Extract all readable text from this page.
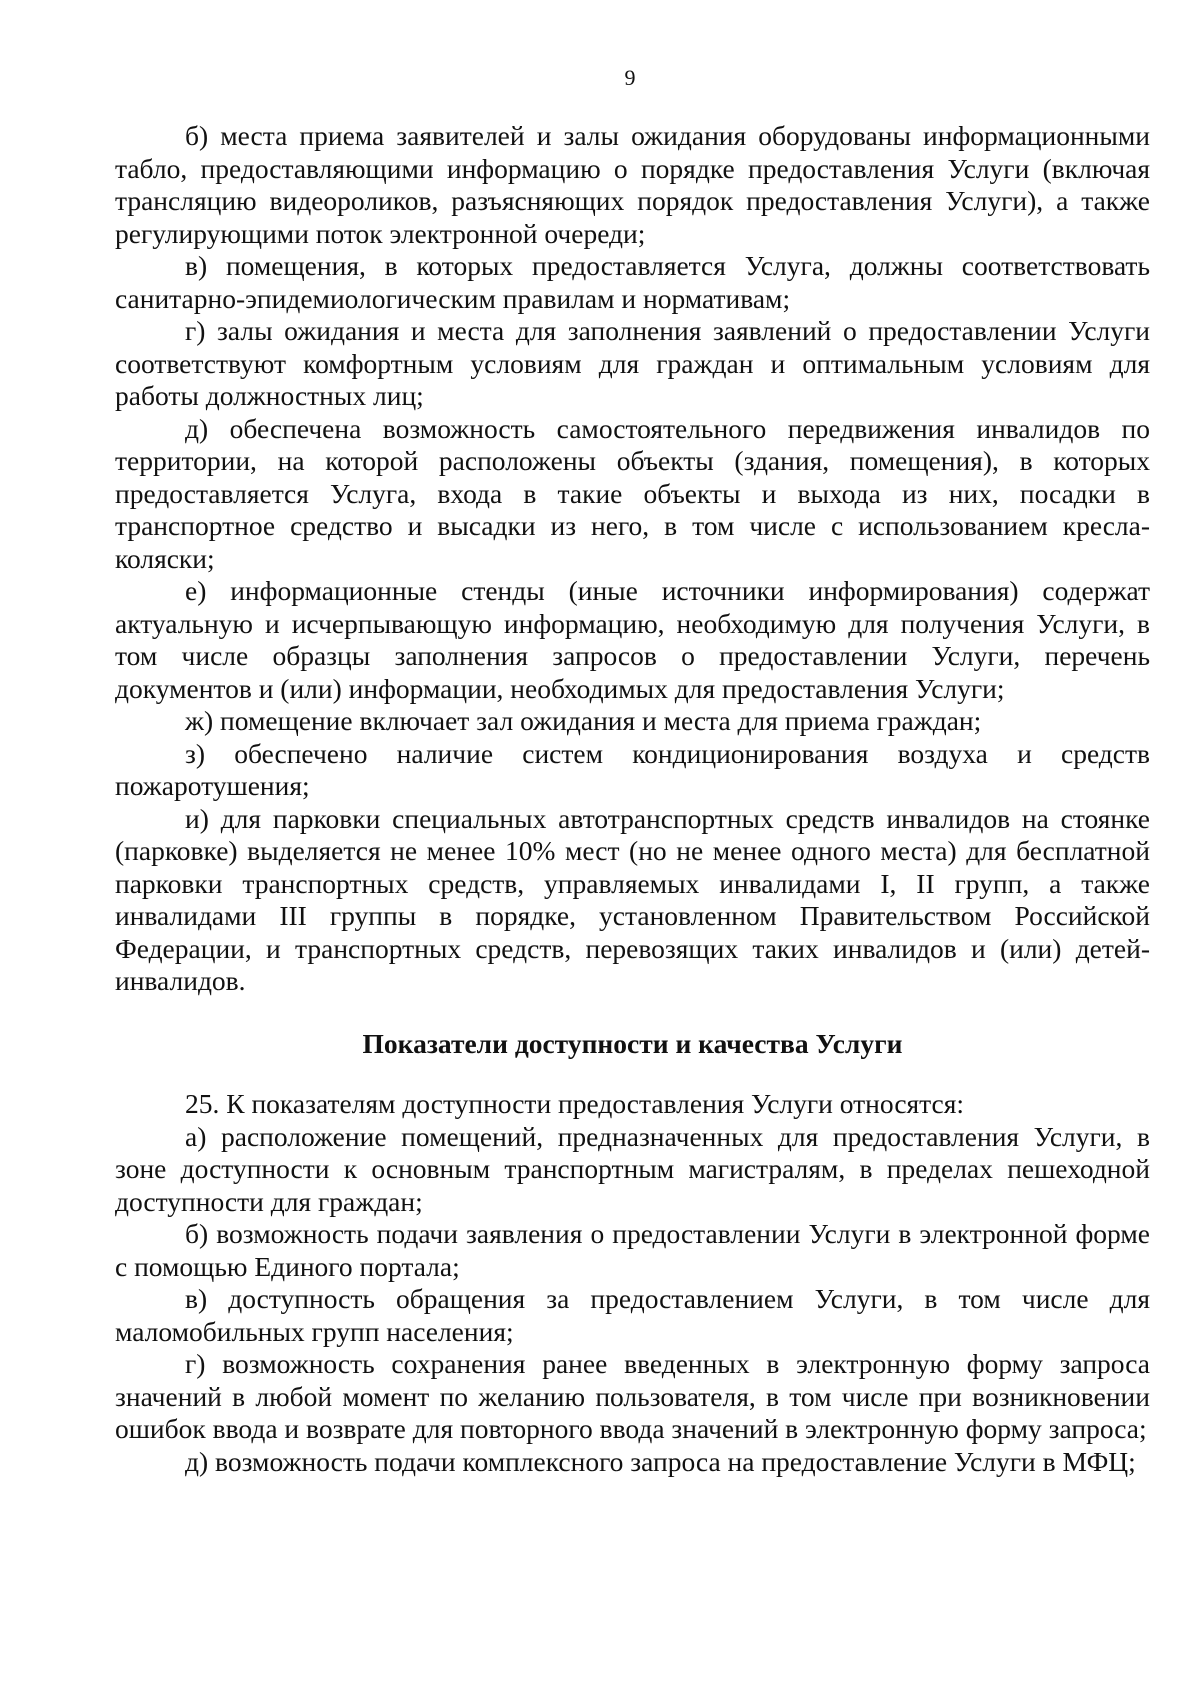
9

б) места приема заявителей и залы ожидания оборудованы информационными табло, предоставляющими информацию о порядке предоставления Услуги (включая трансляцию видеороликов, разъясняющих порядок предоставления Услуги), а также регулирующими поток электронной очереди;

в) помещения, в которых предоставляется Услуга, должны соответствовать санитарно-эпидемиологическим правилам и нормативам;

г) залы ожидания и места для заполнения заявлений о предоставлении Услуги соответствуют комфортным условиям для граждан и оптимальным условиям для работы должностных лиц;

д) обеспечена возможность самостоятельного передвижения инвалидов по территории, на которой расположены объекты (здания, помещения), в которых предоставляется Услуга, входа в такие объекты и выхода из них, посадки в транспортное средство и высадки из него, в том числе с использованием кресла-коляски;

е) информационные стенды (иные источники информирования) содержат актуальную и исчерпывающую информацию, необходимую для получения Услуги, в том числе образцы заполнения запросов о предоставлении Услуги, перечень документов и (или) информации, необходимых для предоставления Услуги;

ж) помещение включает зал ожидания и места для приема граждан;

з) обеспечено наличие систем кондиционирования воздуха и средств пожаротушения;

и) для парковки специальных автотранспортных средств инвалидов на стоянке (парковке) выделяется не менее 10% мест (но не менее одного места) для бесплатной парковки транспортных средств, управляемых инвалидами I, II групп, а также инвалидами III группы в порядке, установленном Правительством Российской Федерации, и транспортных средств, перевозящих таких инвалидов и (или) детей-инвалидов.

Показатели доступности и качества Услуги

25. К показателям доступности предоставления Услуги относятся:

а) расположение помещений, предназначенных для предоставления Услуги, в зоне доступности к основным транспортным магистралям, в пределах пешеходной доступности для граждан;

б) возможность подачи заявления о предоставлении Услуги в электронной форме с помощью Единого портала;

в) доступность обращения за предоставлением Услуги, в том числе для маломобильных групп населения;

г) возможность сохранения ранее введенных в электронную форму запроса значений в любой момент по желанию пользователя, в том числе при возникновении ошибок ввода и возврате для повторного ввода значений в электронную форму запроса;

д) возможность подачи комплексного запроса на предоставление Услуги в МФЦ;
